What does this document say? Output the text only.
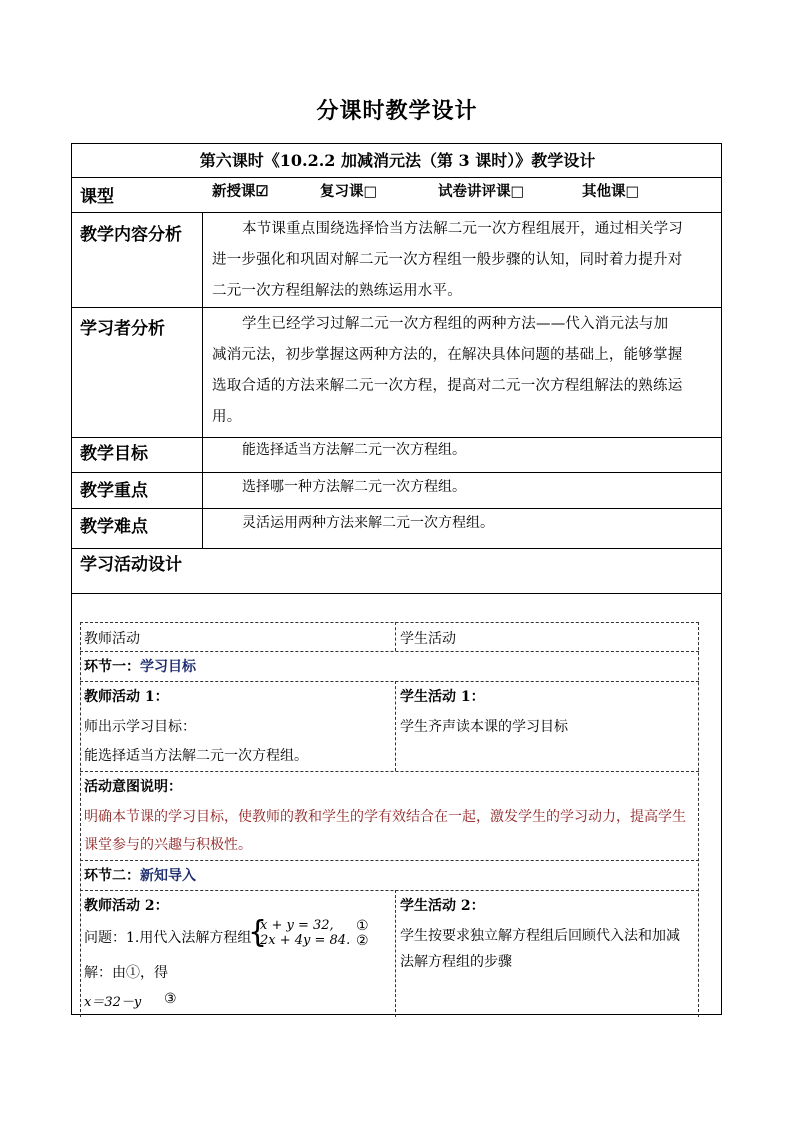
分课时教学设计
第六课时《10.2.2 加减消元法（第 3 课时）》教学设计
课型	新授课☑	复习课□	试卷讲评课□	其他课□
教学内容分析	本节课重点围绕选择恰当方法解二元一次方程组展开，通过相关学习
进一步强化和巩固对解二元一次方程组一般步骤的认知，同时着力提升对
二元一次方程组解法的熟练运用水平。
学习者分析	学生已经学习过解二元一次方程组的两种方法——代入消元法与加
减消元法，初步掌握这两种方法的，在解决具体问题的基础上，能够掌握
选取合适的方法来解二元一次方程，提高对二元一次方程组解法的熟练运
用。
教学目标	能选择适当方法解二元一次方程组。
教学重点	选择哪一种方法解二元一次方程组。
教学难点	灵活运用两种方法来解二元一次方程组。
学习活动设计
教师活动	学生活动
环节一：学习目标
教师活动 1：
师出示学习目标：
能选择适当方法解二元一次方程组。
学生活动 1：
学生齐声读本课的学习目标
活动意图说明：
明确本节课的学习目标，使教师的教和学生的学有效结合在一起，激发学生的学习动力，提高学生
课堂参与的兴趣与积极性。
环节二：新知导入
教师活动 2：
问题：1.用代入法解方程组
{
x + y = 32, ①
2x + 4y = 84. ②
解：由①，得
x＝32－y ③
学生活动 2：
学生按要求独立解方程组后回顾代入法和加减
法解方程组的步骤
